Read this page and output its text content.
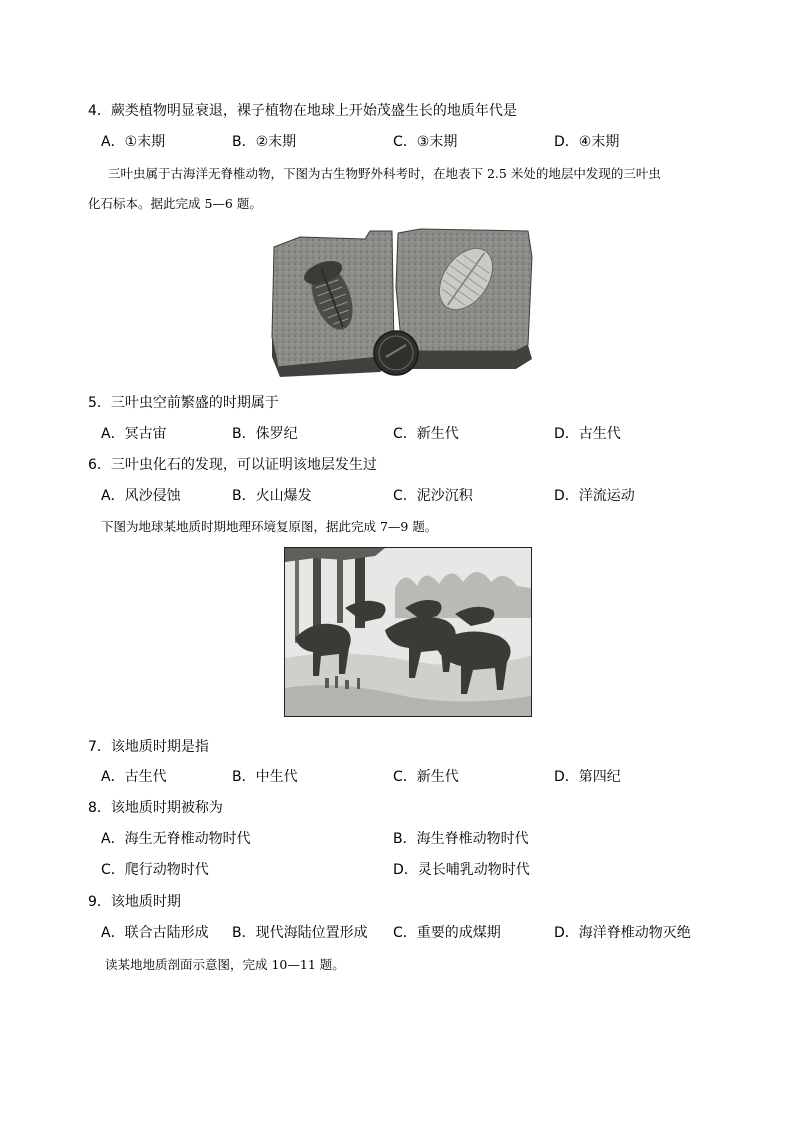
4．蕨类植物明显衰退，裸子植物在地球上开始茂盛生长的地质年代是
A．①末期	B．②末期	C．③末期	D．④末期
三叶虫属于古海洋无脊椎动物，下图为古生物野外科考时，在地表下 2.5 米处的地层中发现的三叶虫
化石标本。据此完成 5—6 题。
5．三叶虫空前繁盛的时期属于
A．冥古宙	B．侏罗纪	C．新生代	D．古生代
6．三叶虫化石的发现，可以证明该地层发生过
A．风沙侵蚀	B．火山爆发	C．泥沙沉积	D．洋流运动
下图为地球某地质时期地理环境复原图，据此完成 7—9 题。
7．该地质时期是指
A．古生代	B．中生代	C．新生代	D．第四纪
8．该地质时期被称为
A．海生无脊椎动物时代	B．海生脊椎动物时代
C．爬行动物时代	D．灵长哺乳动物时代
9．该地质时期
A．联合古陆形成 B．现代海陆位置形成 C．重要的成煤期	D．海洋脊椎动物灭绝
读某地地质剖面示意图，完成 10—11 题。
